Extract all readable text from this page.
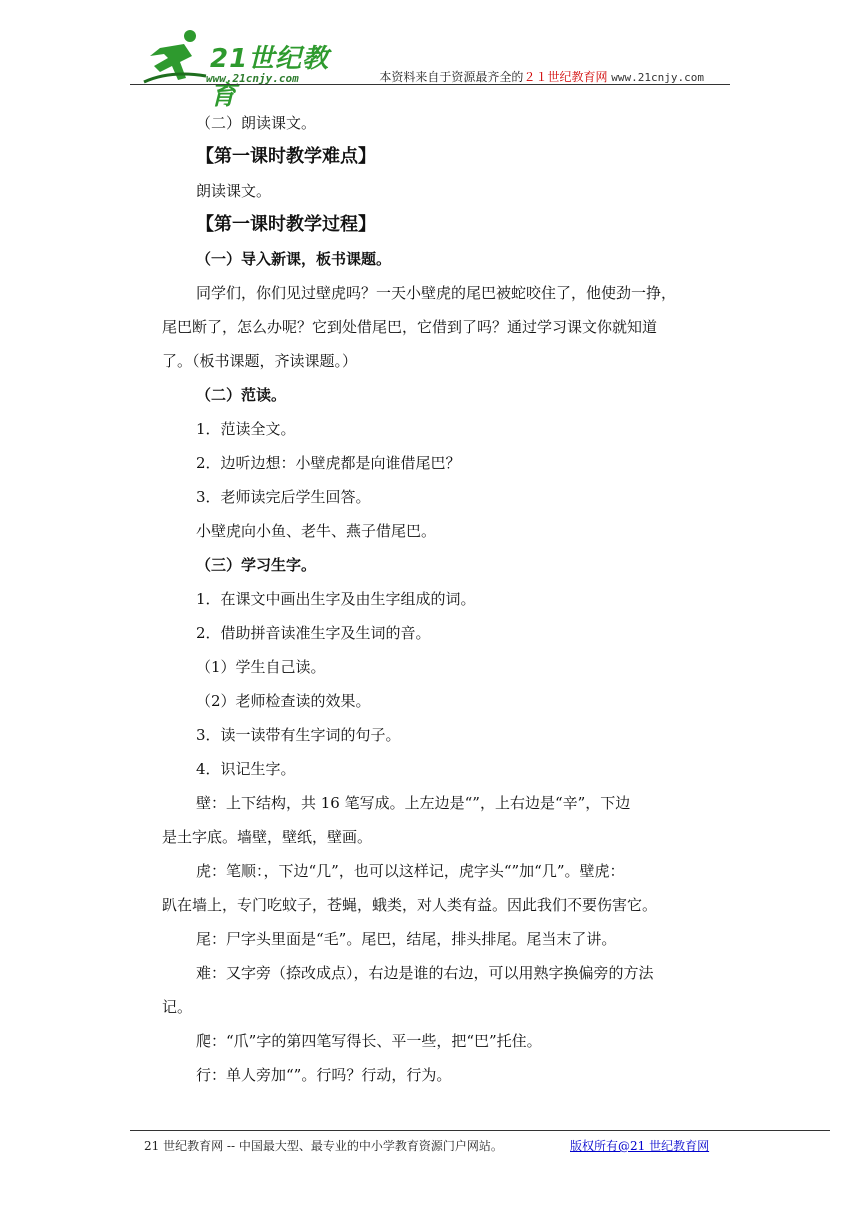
21世纪教育
www.21cnjy.com	本资料来自于资源最齐全的２１世纪教育网 www.21cnjy.com

（二）朗读课文。

【第一课时教学难点】

朗读课文。

【第一课时教学过程】

（一）导入新课，板书课题。

同学们，你们见过壁虎吗？一天小壁虎的尾巴被蛇咬住了，他使劲一挣，

尾巴断了，怎么办呢？它到处借尾巴，它借到了吗？通过学习课文你就知道

了。（板书课题，齐读课题。）

（二）范读。

1．范读全文。

2．边听边想：小壁虎都是向谁借尾巴？

3．老师读完后学生回答。

小壁虎向小鱼、老牛、燕子借尾巴。

（三）学习生字。

1．在课文中画出生字及由生字组成的词。

2．借助拼音读准生字及生词的音。

（1）学生自己读。

（2）老师检查读的效果。

3．读一读带有生字词的句子。

4．识记生字。

壁：上下结构，共 16 笔写成。上左边是“”，上右边是“辛”，下边

是土字底。墙壁，壁纸，壁画。

虎：笔顺：，下边“几”，也可以这样记，虎字头“”加“几”。壁虎：

趴在墙上，专门吃蚊子，苍蝇，蛾类，对人类有益。因此我们不要伤害它。

尾：尸字头里面是“毛”。尾巴，结尾，排头排尾。尾当末了讲。

难：又字旁（捺改成点），右边是谁的右边，可以用熟字换偏旁的方法

记。

爬：“爪”字的第四笔写得长、平一些，把“巴”托住。

行：单人旁加“”。行吗？行动，行为。

21 世纪教育网 -- 中国最大型、最专业的中小学教育资源门户网站。	版权所有@21 世纪教育网
